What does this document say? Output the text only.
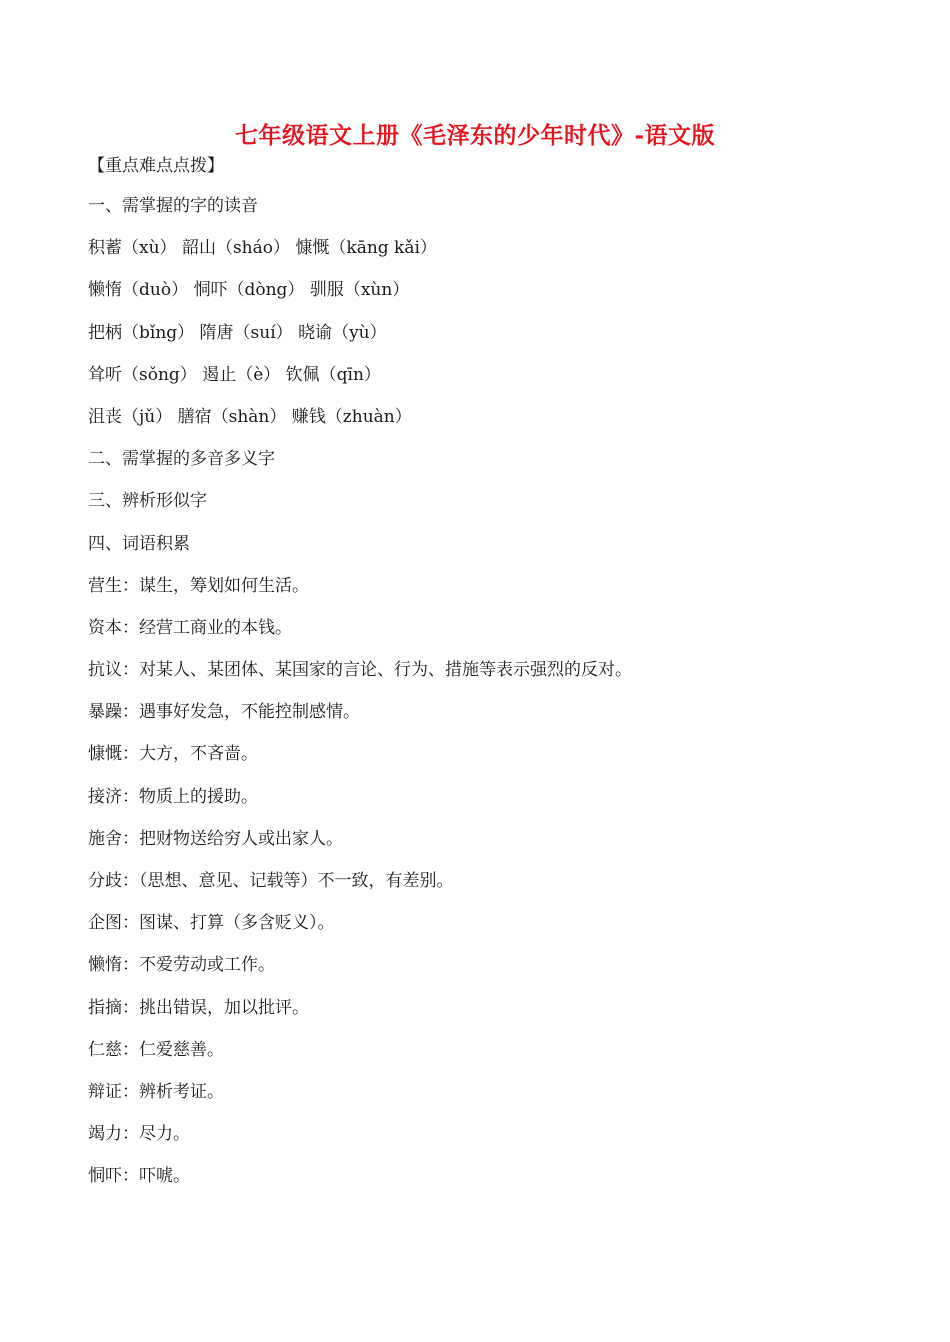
七年级语文上册《毛泽东的少年时代》-语文版
【重点难点点拨】
一、需掌握的字的读音
积蓄（xù） 韶山（sháo） 慷慨（kāng kǎi）
懒惰（duò） 恫吓（dòng） 驯服（xùn）
把柄（bǐng） 隋唐（suí） 晓谕（yù）
耸听（sǒng） 遏止（è） 钦佩（qīn）
沮丧（jǔ） 膳宿（shàn） 赚钱（zhuàn）
二、需掌握的多音多义字
三、辨析形似字
四、词语积累
营生：谋生，筹划如何生活。
资本：经营工商业的本钱。
抗议：对某人、某团体、某国家的言论、行为、措施等表示强烈的反对。
暴躁：遇事好发急，不能控制感情。
慷慨：大方，不吝啬。
接济：物质上的援助。
施舍：把财物送给穷人或出家人。
分歧：（思想、意见、记载等）不一致，有差别。
企图：图谋、打算（多含贬义）。
懒惰：不爱劳动或工作。
指摘：挑出错误，加以批评。
仁慈：仁爱慈善。
辩证：辨析考证。
竭力：尽力。
恫吓：吓唬。
